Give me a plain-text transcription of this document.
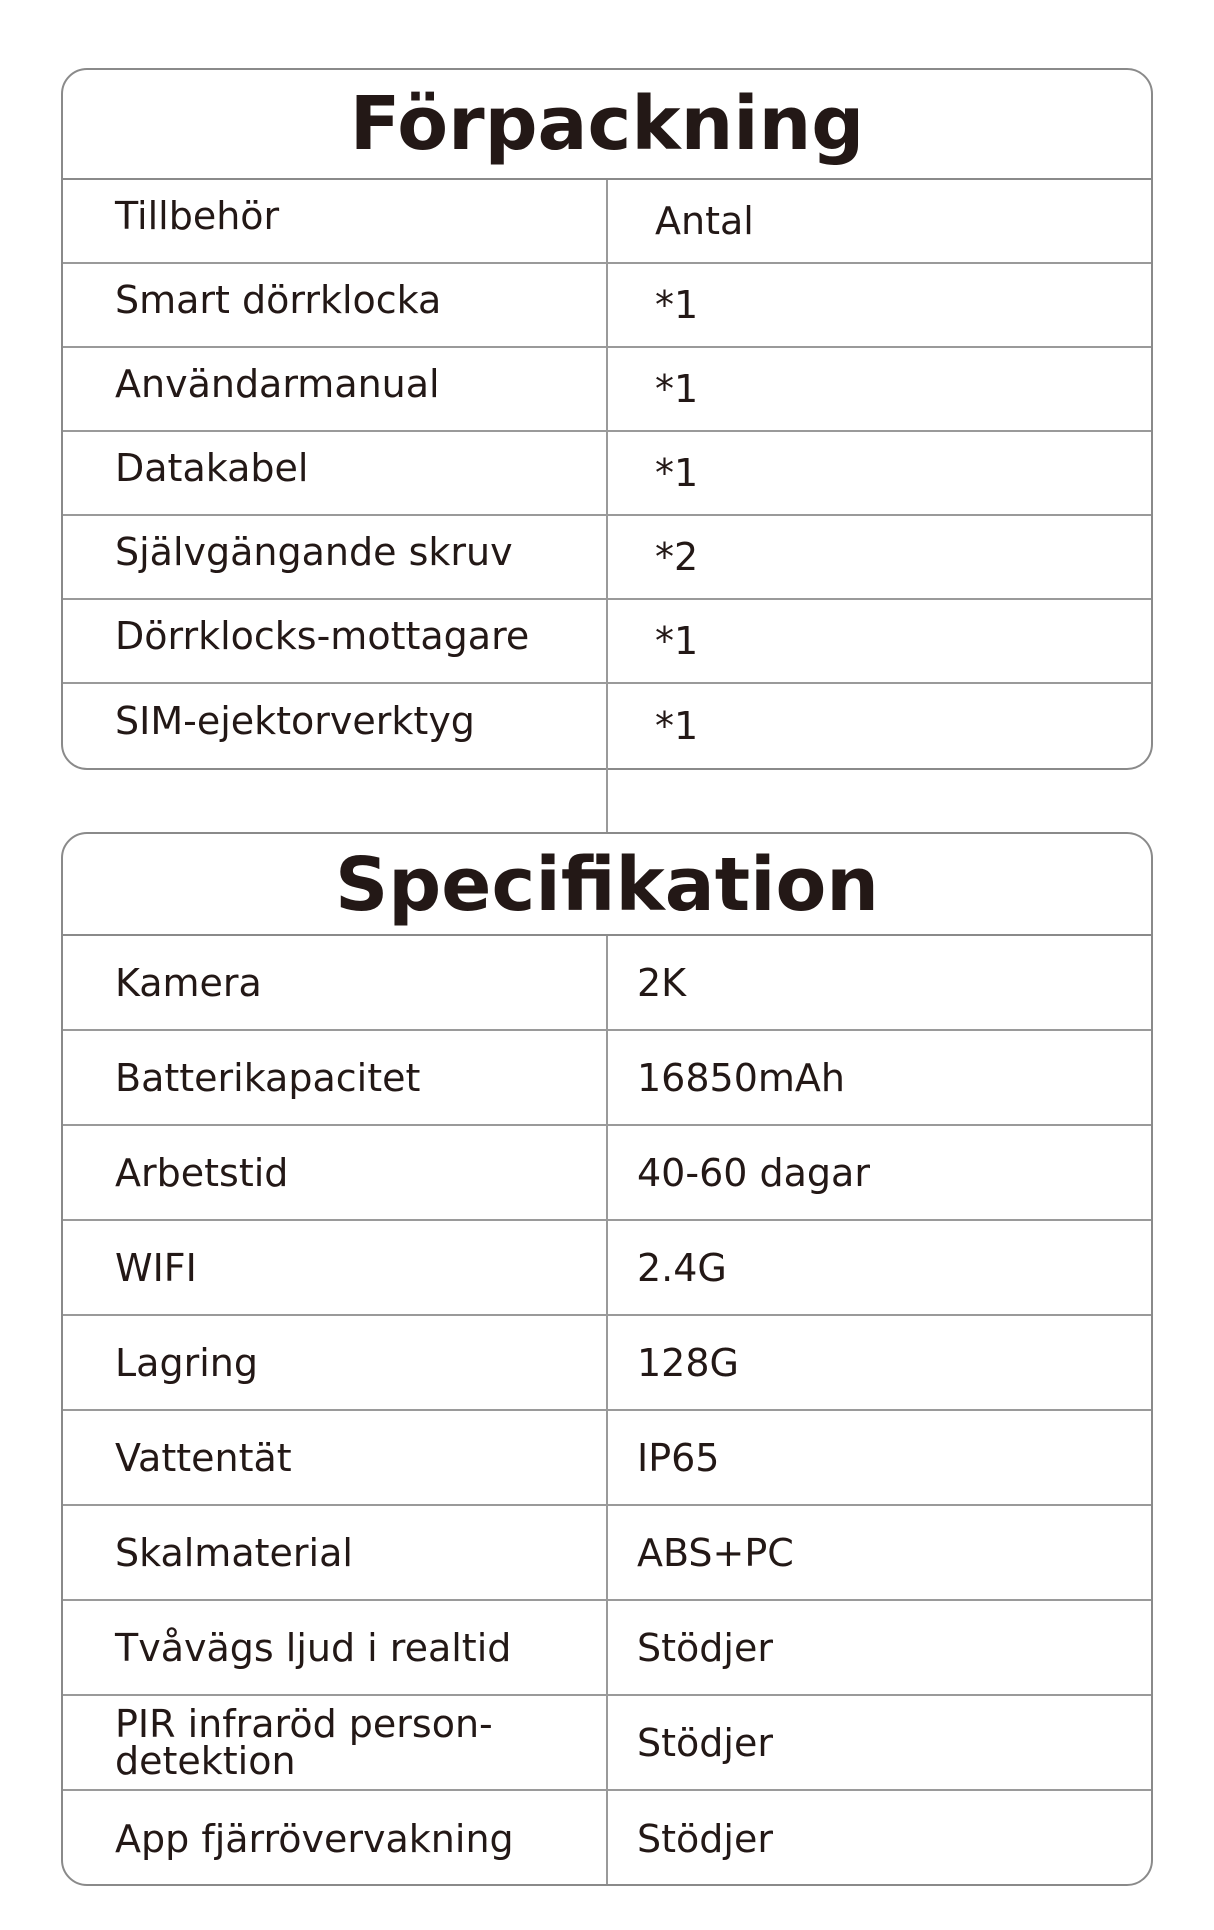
Förpackning
Tillbehör	Antal
Smart dörrklocka	*1
Användarmanual	*1
Datakabel	*1
Självgängande skruv	*2
Dörrklocks-mottagare	*1
SIM-ejektorverktyg	*1
Specifikation
Kamera	2K
Batterikapacitet	16850mAh
Arbetstid	40-60 dagar
WIFI	2.4G
Lagring	128G
Vattentät	IP65
Skalmaterial	ABS+PC
Tvåvägs ljud i realtid	Stödjer
PIR infraröd person-detektion	Stödjer
App fjärrövervakning	Stödjer
